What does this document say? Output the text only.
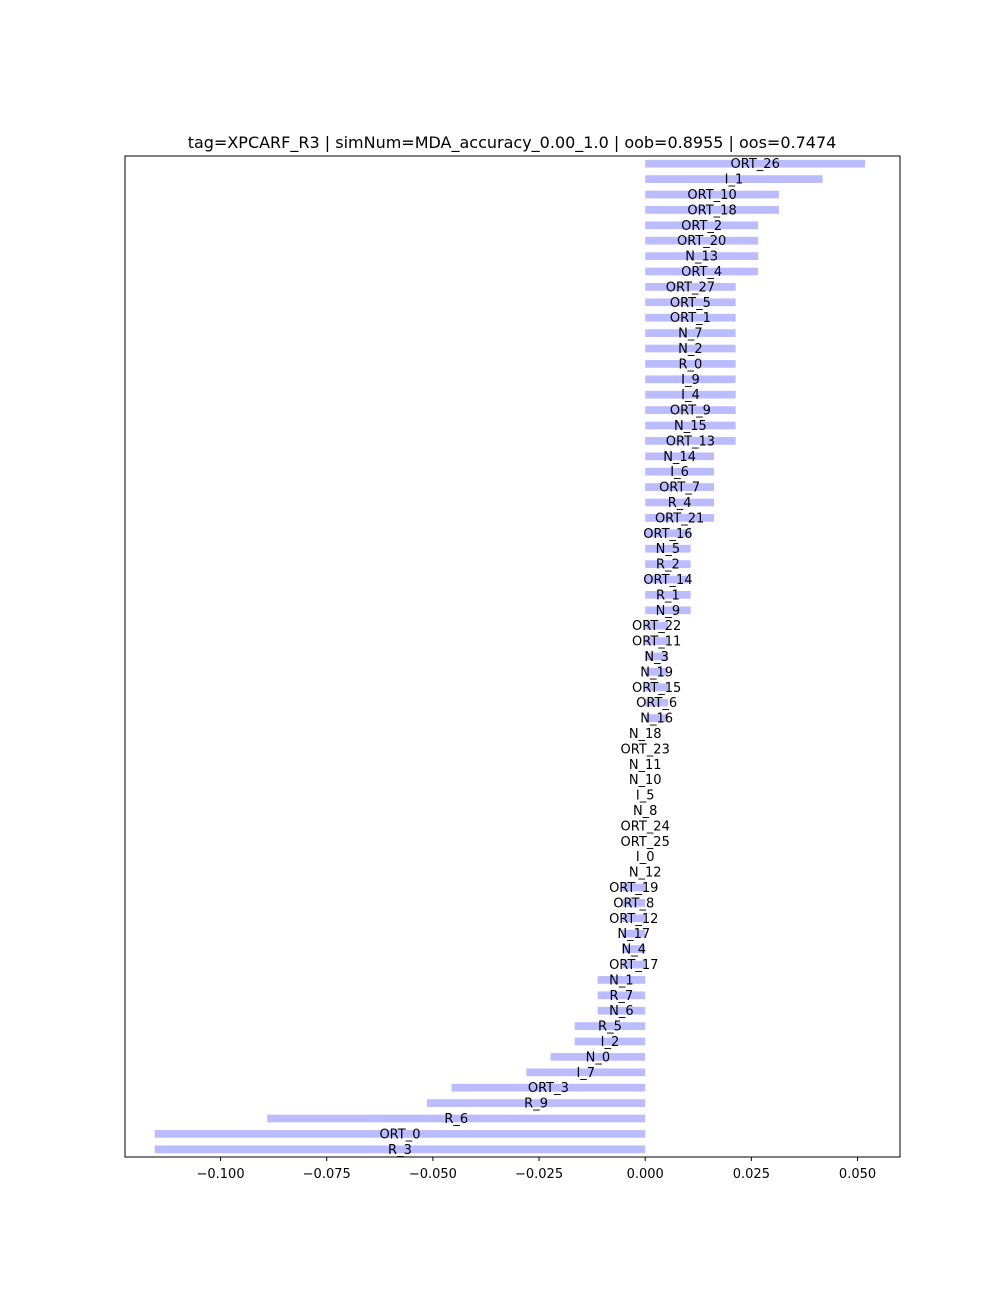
tag=XPCARF_R3 | simNum=MDA_accuracy_0.00_1.0 | oob=0.8955 | oos=0.7474
ORT_26
I_1
ORT_10
ORT_18
ORT_2
ORT_20
N_13
ORT_4
ORT_27
ORT_5
ORT_1
N_7
N_2
R_0
I_9
I_4
ORT_9
N_15
ORT_13
N_14
I_6
ORT_7
R_4
ORT_21
ORT_16
N_5
R_2
ORT_14
R_1
N_9
ORT_22
ORT_11
N_3
N_19
ORT_15
ORT_6
N_16
N_18
ORT_23
N_11
N_10
I_5
N_8
ORT_24
ORT_25
I_0
N_12
ORT_19
ORT_8
ORT_12
N_17
N_4
ORT_17
N_1
R_7
N_6
R_5
I_2
N_0
I_7
ORT_3
R_9
R_6
ORT_0
R_3
−0.100	−0.075	−0.050	−0.025	0.000	0.025	0.050
